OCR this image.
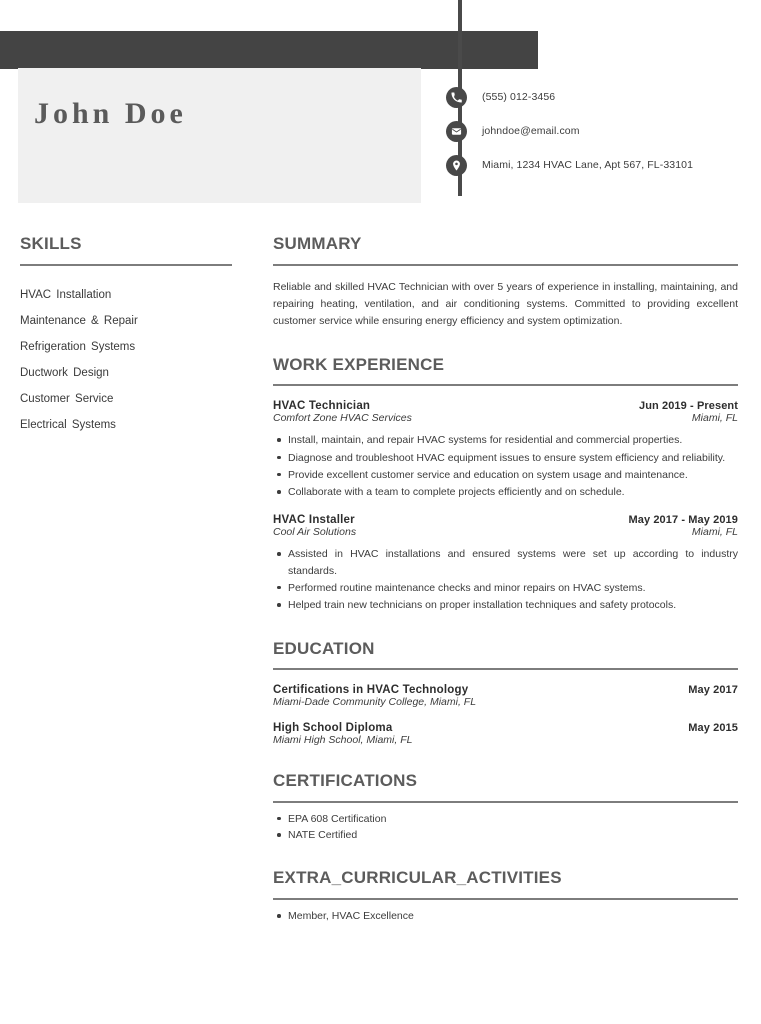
John Doe	(555) 012-3456
johndoe@email.com
Miami, 1234 HVAC Lane, Apt 567, FL-33101
SKILLS
HVAC Installation
Maintenance & Repair
Refrigeration Systems
Ductwork Design
Customer Service
Electrical Systems
SUMMARY
Reliable and skilled HVAC Technician with over 5 years of experience in installing, maintaining, and repairing heating, ventilation, and air conditioning systems. Committed to providing excellent customer service while ensuring energy efficiency and system optimization.
WORK EXPERIENCE
HVAC Technician	Jun 2019 - Present
Comfort Zone HVAC Services	Miami, FL
Install, maintain, and repair HVAC systems for residential and commercial properties.
Diagnose and troubleshoot HVAC equipment issues to ensure system efficiency and reliability.
Provide excellent customer service and education on system usage and maintenance.
Collaborate with a team to complete projects efficiently and on schedule.
HVAC Installer	May 2017 - May 2019
Cool Air Solutions	Miami, FL
Assisted in HVAC installations and ensured systems were set up according to industry standards.
Performed routine maintenance checks and minor repairs on HVAC systems.
Helped train new technicians on proper installation techniques and safety protocols.
EDUCATION
Certifications in HVAC Technology	May 2017
Miami-Dade Community College, Miami, FL
High School Diploma	May 2015
Miami High School, Miami, FL
CERTIFICATIONS
EPA 608 Certification
NATE Certified
EXTRA_CURRICULAR_ACTIVITIES
Member, HVAC Excellence
